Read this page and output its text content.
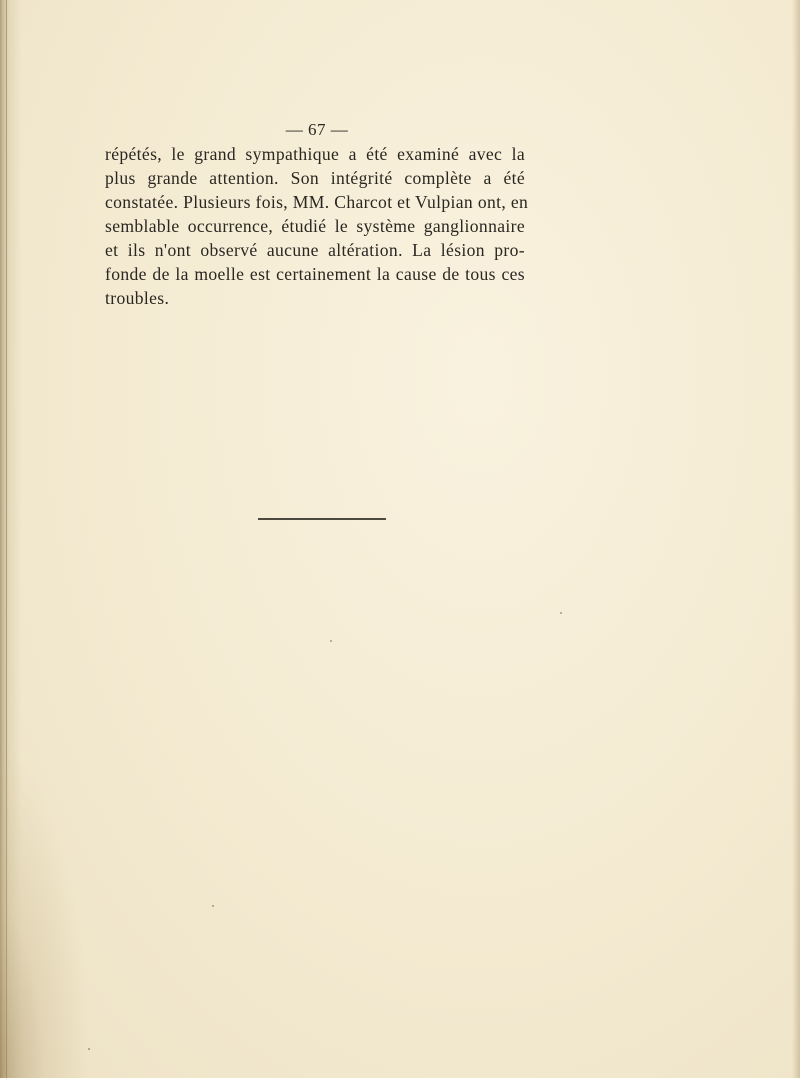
— 67 —

répétés, le grand sympathique a été examiné avec la
plus grande attention. Son intégrité complète a été
constatée. Plusieurs fois, MM. Charcot et Vulpian ont, en
semblable occurrence, étudié le système ganglionnaire
et ils n'ont observé aucune altération. La lésion pro-
fonde de la moelle est certainement la cause de tous ces
troubles.
